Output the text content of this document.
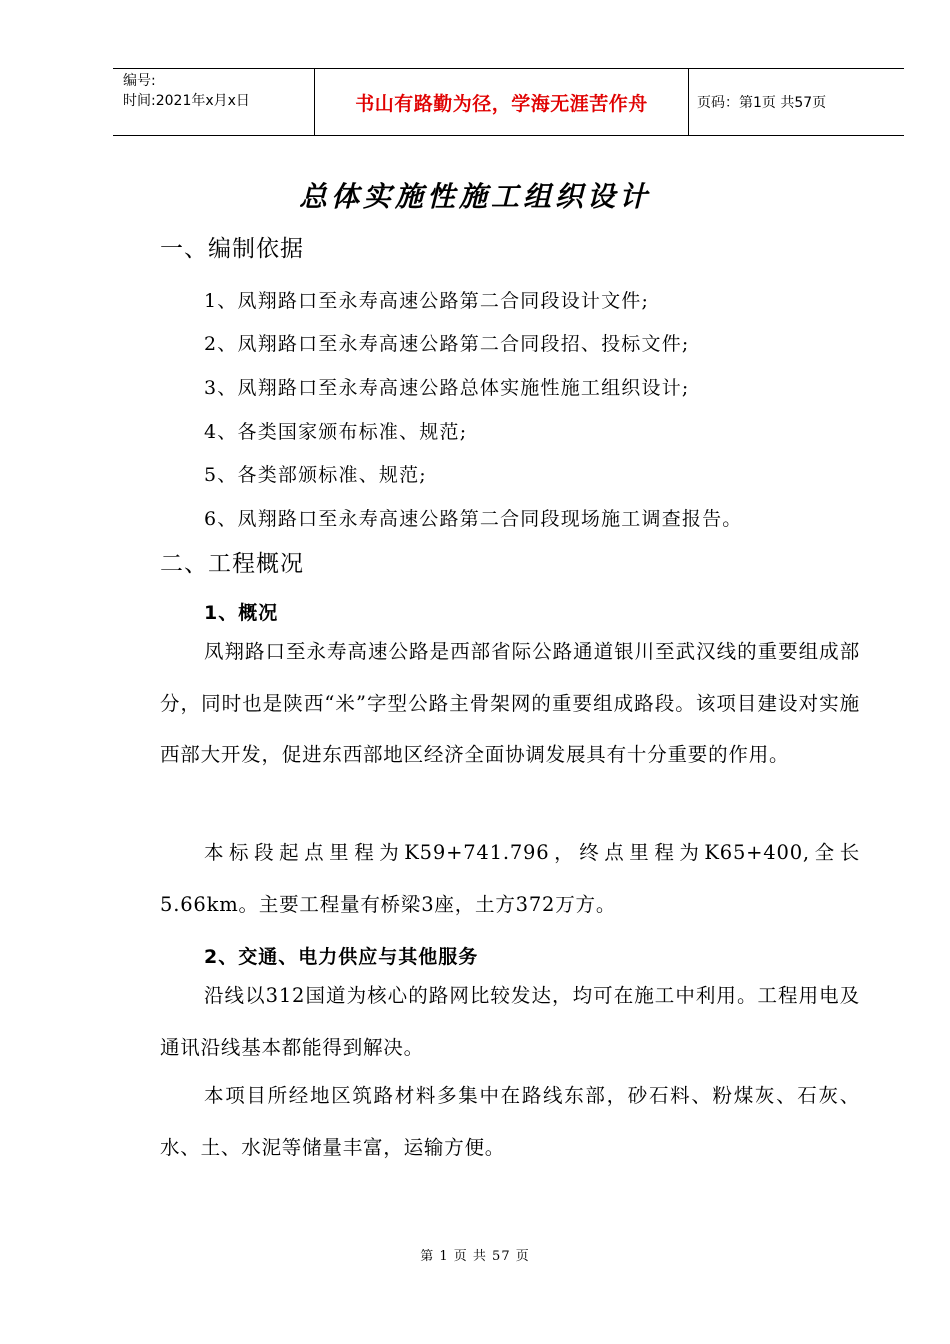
编号:
时间:2021年x月x日	书山有路勤为径，学海无涯苦作舟	页码：第1页 共57页
总体实施性施工组织设计
一、编制依据
1、凤翔路口至永寿高速公路第二合同段设计文件;
2、凤翔路口至永寿高速公路第二合同段招、投标文件;
3、凤翔路口至永寿高速公路总体实施性施工组织设计;
4、各类国家颁布标准、规范;
5、各类部颁标准、规范;
6、凤翔路口至永寿高速公路第二合同段现场施工调查报告。
二、工程概况
1、概况

凤翔路口至永寿高速公路是西部省际公路通道银川至武汉线的重要组成部分，同时也是陕西“米”字型公路主骨架网的重要组成路段。该项目建设对实施西部大开发，促进东西部地区经济全面协调发展具有十分重要的作用。

本标段起点里程为K59+741.796，终点里程为K65+400,全长5.66km。主要工程量有桥梁3座，土方372万方。

2、交通、电力供应与其他服务

沿线以312国道为核心的路网比较发达，均可在施工中利用。工程用电及通讯沿线基本都能得到解决。

本项目所经地区筑路材料多集中在路线东部，砂石料、粉煤灰、石灰、水、土、水泥等储量丰富，运输方便。

第 1 页 共 57 页
